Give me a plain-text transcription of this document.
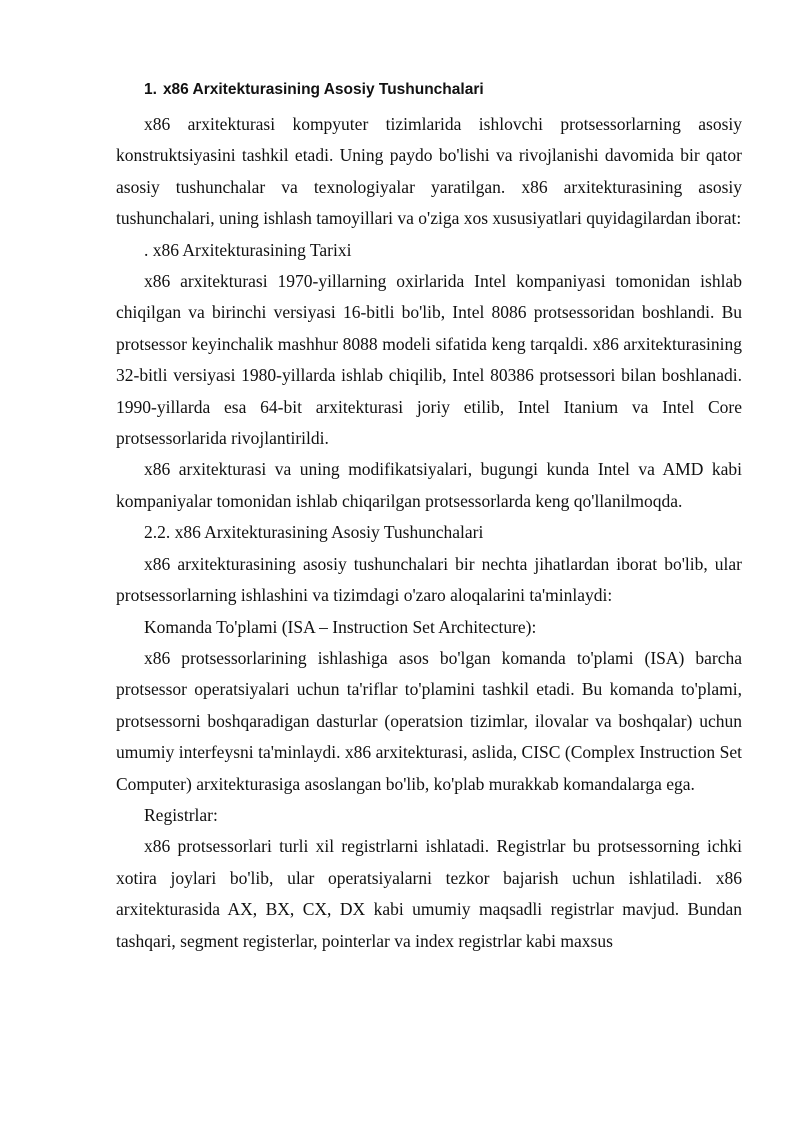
1. x86 Arxitekturasining Asosiy Tushunchalari

x86 arxitekturasi kompyuter tizimlarida ishlovchi protsessorlarning asosiy konstruktsiyasini tashkil etadi. Uning paydo bo'lishi va rivojlanishi davomida bir qator asosiy tushunchalar va texnologiyalar yaratilgan. x86 arxitekturasining asosiy tushunchalari, uning ishlash tamoyillari va o'ziga xos xususiyatlari quyidagilardan iborat:

. x86 Arxitekturasining Tarixi

x86 arxitekturasi 1970-yillarning oxirlarida Intel kompaniyasi tomonidan ishlab chiqilgan va birinchi versiyasi 16-bitli bo'lib, Intel 8086 protsessoridan boshlandi. Bu protsessor keyinchalik mashhur 8088 modeli sifatida keng tarqaldi. x86 arxitekturasining 32-bitli versiyasi 1980-yillarda ishlab chiqilib, Intel 80386 protsessori bilan boshlanadi. 1990-yillarda esa 64-bit arxitekturasi joriy etilib, Intel Itanium va Intel Core protsessorlarida rivojlantirildi.

x86 arxitekturasi va uning modifikatsiyalari, bugungi kunda Intel va AMD kabi kompaniyalar tomonidan ishlab chiqarilgan protsessorlarda keng qo'llanilmoqda.

2.2. x86 Arxitekturasining Asosiy Tushunchalari

x86 arxitekturasining asosiy tushunchalari bir nechta jihatlardan iborat bo'lib, ular protsessorlarning ishlashini va tizimdagi o'zaro aloqalarini ta'minlaydi:

Komanda To'plami (ISA – Instruction Set Architecture):

x86 protsessorlarining ishlashiga asos bo'lgan komanda to'plami (ISA) barcha protsessor operatsiyalari uchun ta'riflar to'plamini tashkil etadi. Bu komanda to'plami, protsessorni boshqaradigan dasturlar (operatsion tizimlar, ilovalar va boshqalar) uchun umumiy interfeysni ta'minlaydi. x86 arxitekturasi, aslida, CISC (Complex Instruction Set Computer) arxitekturasiga asoslangan bo'lib, ko'plab murakkab komandalarga ega.

Registrlar:

x86 protsessorlari turli xil registrlarni ishlatadi. Registrlar bu protsessorning ichki xotira joylari bo'lib, ular operatsiyalarni tezkor bajarish uchun ishlatiladi. x86 arxitekturasida AX, BX, CX, DX kabi umumiy maqsadli registrlar mavjud. Bundan tashqari, segment registerlar, pointerlar va index registrlar kabi maxsus
